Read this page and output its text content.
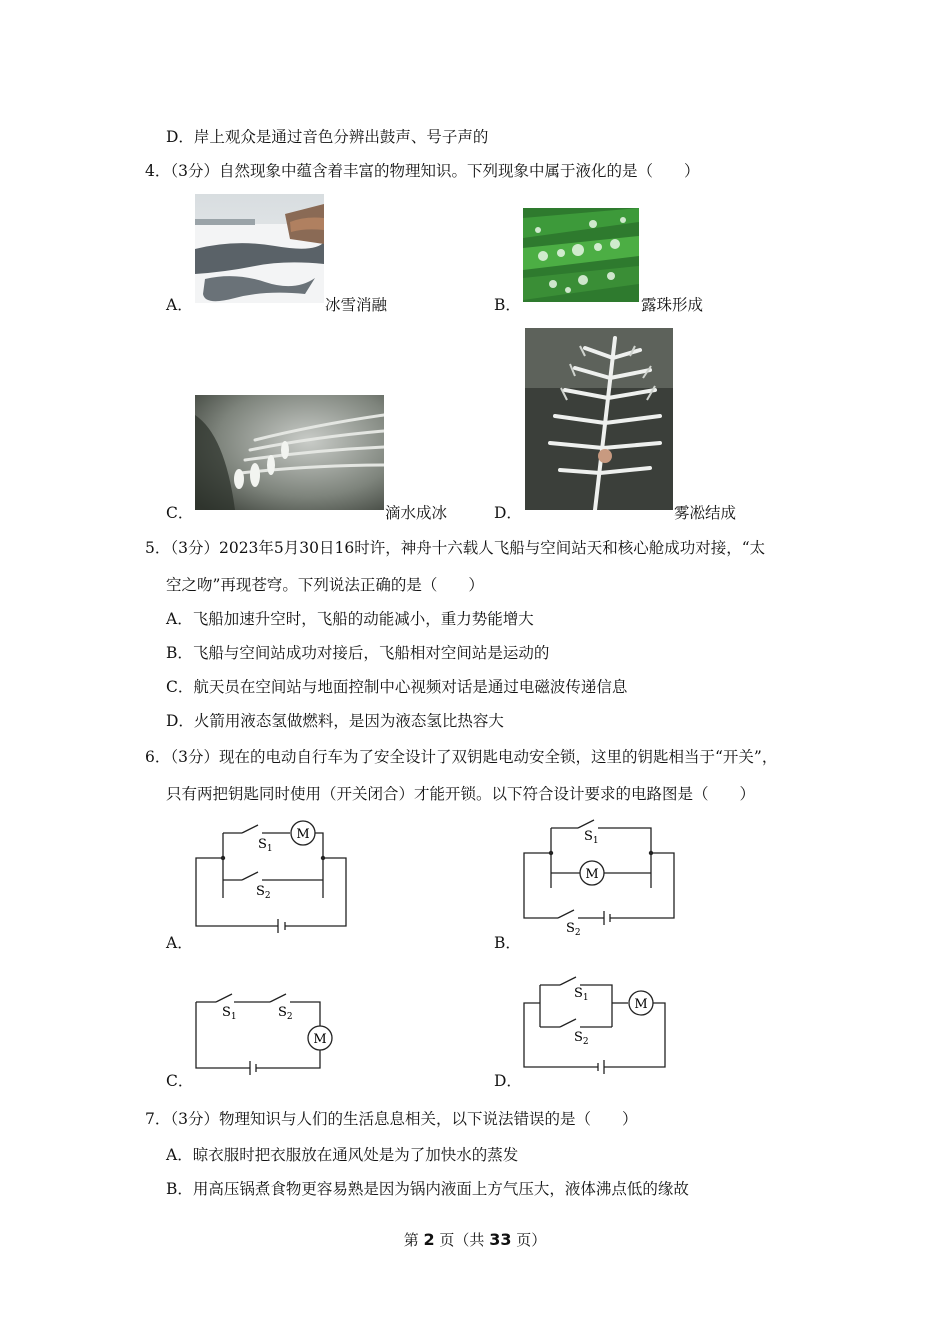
D．岸上观众是通过音色分辨出鼓声、号子声的
4．（3分）自然现象中蕴含着丰富的物理知识。下列现象中属于液化的是（　　）
A．	冰雪消融	B．	露珠形成
C．	滴水成冰	D．	雾凇结成
5．（3分）2023年5月30日16时许，神舟十六载人飞船与空间站天和核心舱成功对接，“太
空之吻”再现苍穹。下列说法正确的是（　　）
A．飞船加速升空时，飞船的动能减小，重力势能增大
B．飞船与空间站成功对接后，飞船相对空间站是运动的
C．航天员在空间站与地面控制中心视频对话是通过电磁波传递信息
D．火箭用液态氢做燃料，是因为液态氢比热容大
6．（3分）现在的电动自行车为了安全设计了双钥匙电动安全锁，这里的钥匙相当于“开关”，
只有两把钥匙同时使用（开关闭合）才能开锁。以下符合设计要求的电路图是（　　）
M
$S_1$
$S_2$
A．
M
$S_1$
$S_2$
B．
M
$S_1$	$S_2$
C．
M
$S_1$
$S_2$
D．
7．（3分）物理知识与人们的生活息息相关，以下说法错误的是（　　）
A．晾衣服时把衣服放在通风处是为了加快水的蒸发
B．用高压锅煮食物更容易熟是因为锅内液面上方气压大，液体沸点低的缘故
第 2 页（共 33 页）
